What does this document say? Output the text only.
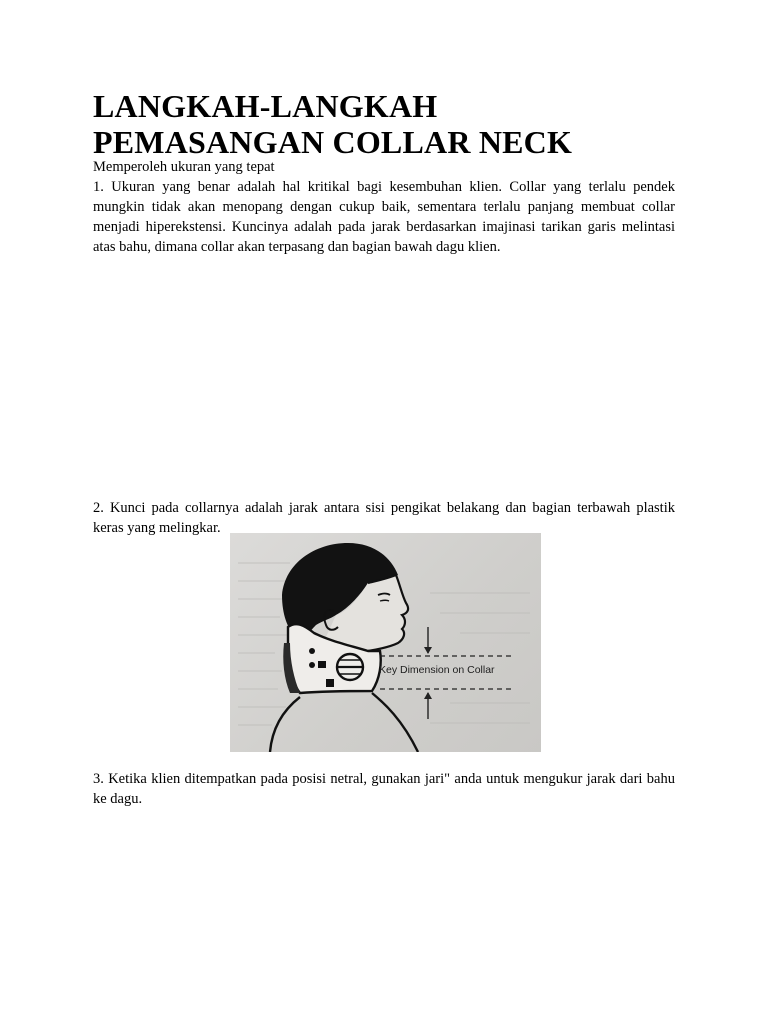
LANGKAH-LANGKAH
PEMASANGAN COLLAR NECK
Memperoleh ukuran yang tepat

1. Ukuran yang benar adalah hal kritikal bagi kesembuhan klien. Collar yang terlalu pendek mungkin tidak akan menopang dengan cukup baik, sementara terlalu panjang membuat collar menjadi hiperekstensi. Kuncinya adalah pada jarak berdasarkan imajinasi tarikan garis melintasi atas bahu, dimana collar akan terpasang dan bagian bawah dagu klien.

2. Kunci pada collarnya adalah jarak antara sisi pengikat belakang dan bagian terbawah plastik keras yang melingkar.

Key Dimension on Collar

3. Ketika klien ditempatkan pada posisi netral, gunakan jari" anda untuk mengukur jarak dari bahu ke dagu.
